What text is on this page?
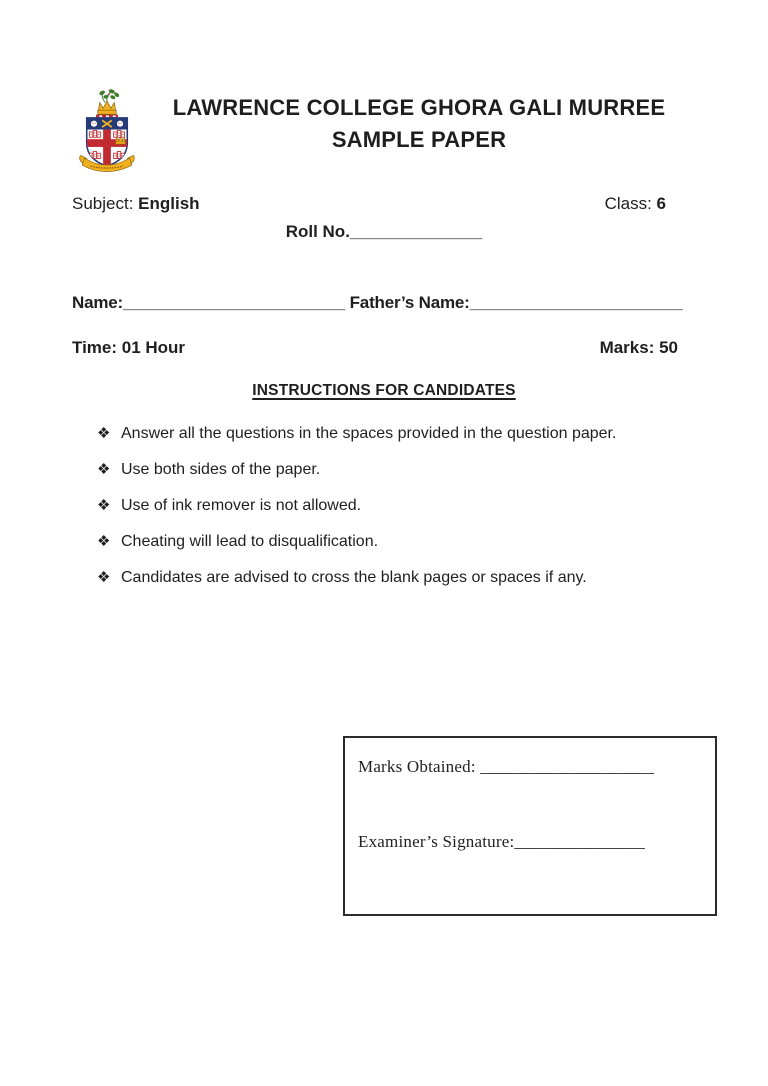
LAWRENCE COLLEGE GHORA GALI MURREE
SAMPLE PAPER
Subject: English	Class: 6
Roll No.______________
Name:________________________ Father’s Name:_______________________
Time: 01 Hour	Marks: 50
INSTRUCTIONS FOR CANDIDATES
❖ Answer all the questions in the spaces provided in the question paper.
❖ Use both sides of the paper.
❖ Use of ink remover is not allowed.
❖ Cheating will lead to disqualification.
❖ Candidates are advised to cross the blank pages or spaces if any.
Marks Obtained: ____________________
Examiner’s Signature:_______________
